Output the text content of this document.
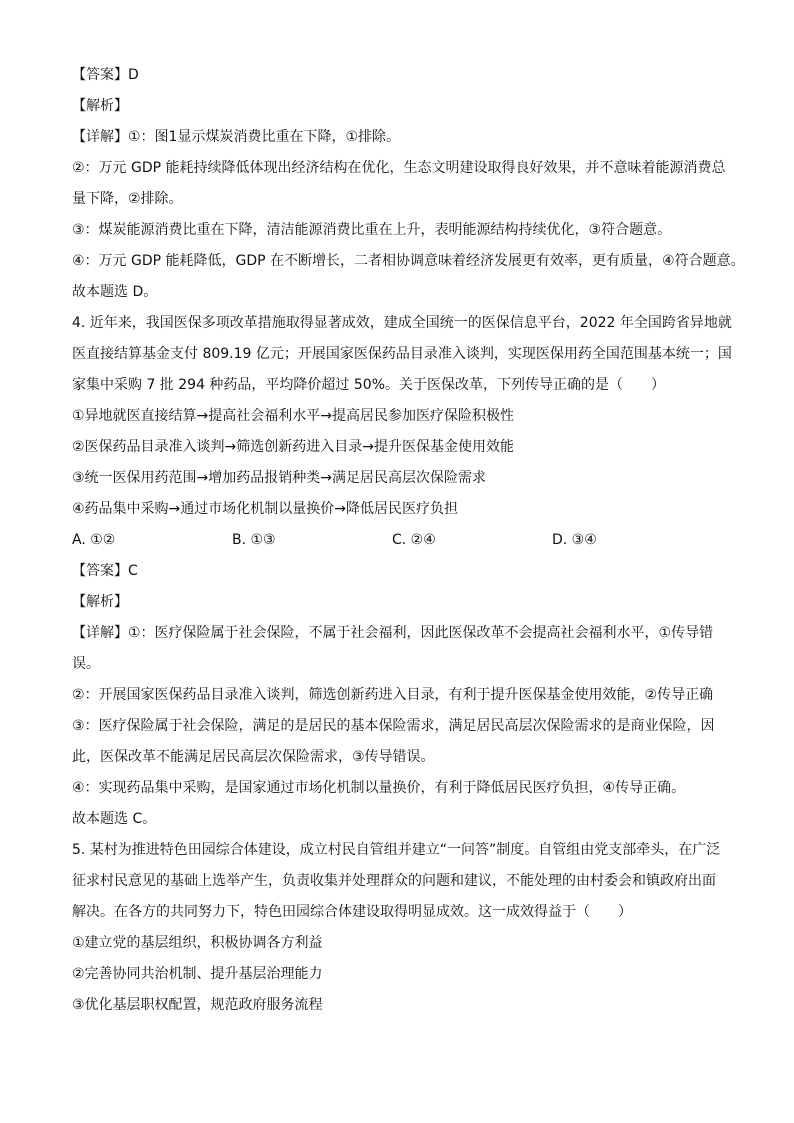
【答案】D
【解析】
【详解】①：图1显示煤炭消费比重在下降，①排除。
②：万元 GDP 能耗持续降低体现出经济结构在优化，生态文明建设取得良好效果，并不意味着能源消费总
量下降，②排除。
③：煤炭能源消费比重在下降，清洁能源消费比重在上升，表明能源结构持续优化，③符合题意。
④：万元 GDP 能耗降低，GDP 在不断增长，二者相协调意味着经济发展更有效率，更有质量，④符合题意。
故本题选 D。
4. 近年来，我国医保多项改革措施取得显著成效，建成全国统一的医保信息平台，2022 年全国跨省异地就
医直接结算基金支付 809.19 亿元；开展国家医保药品目录准入谈判，实现医保用药全国范围基本统一；国
家集中采购 7 批 294 种药品，平均降价超过 50%。关于医保改革，下列传导正确的是（　　）
①异地就医直接结算→提高社会福利水平→提高居民参加医疗保险积极性
②医保药品目录准入谈判→筛选创新药进入目录→提升医保基金使用效能
③统一医保用药范围→增加药品报销种类→满足居民高层次保险需求
④药品集中采购→通过市场化机制以量换价→降低居民医疗负担
A. ①②	B. ①③	C. ②④	D. ③④
【答案】C
【解析】
【详解】①：医疗保险属于社会保险，不属于社会福利，因此医保改革不会提高社会福利水平，①传导错
误。
②：开展国家医保药品目录准入谈判，筛选创新药进入目录，有利于提升医保基金使用效能，②传导正确
③：医疗保险属于社会保险，满足的是居民的基本保险需求，满足居民高层次保险需求的是商业保险，因
此，医保改革不能满足居民高层次保险需求，③传导错误。
④：实现药品集中采购，是国家通过市场化机制以量换价，有利于降低居民医疗负担，④传导正确。
故本题选 C。
5. 某村为推进特色田园综合体建设，成立村民自管组并建立“一问答”制度。自管组由党支部牵头，在广泛
征求村民意见的基础上选举产生，负责收集并处理群众的问题和建议，不能处理的由村委会和镇政府出面
解决。在各方的共同努力下，特色田园综合体建设取得明显成效。这一成效得益于（　　）
①建立党的基层组织，积极协调各方利益
②完善协同共治机制、提升基层治理能力
③优化基层职权配置，规范政府服务流程
